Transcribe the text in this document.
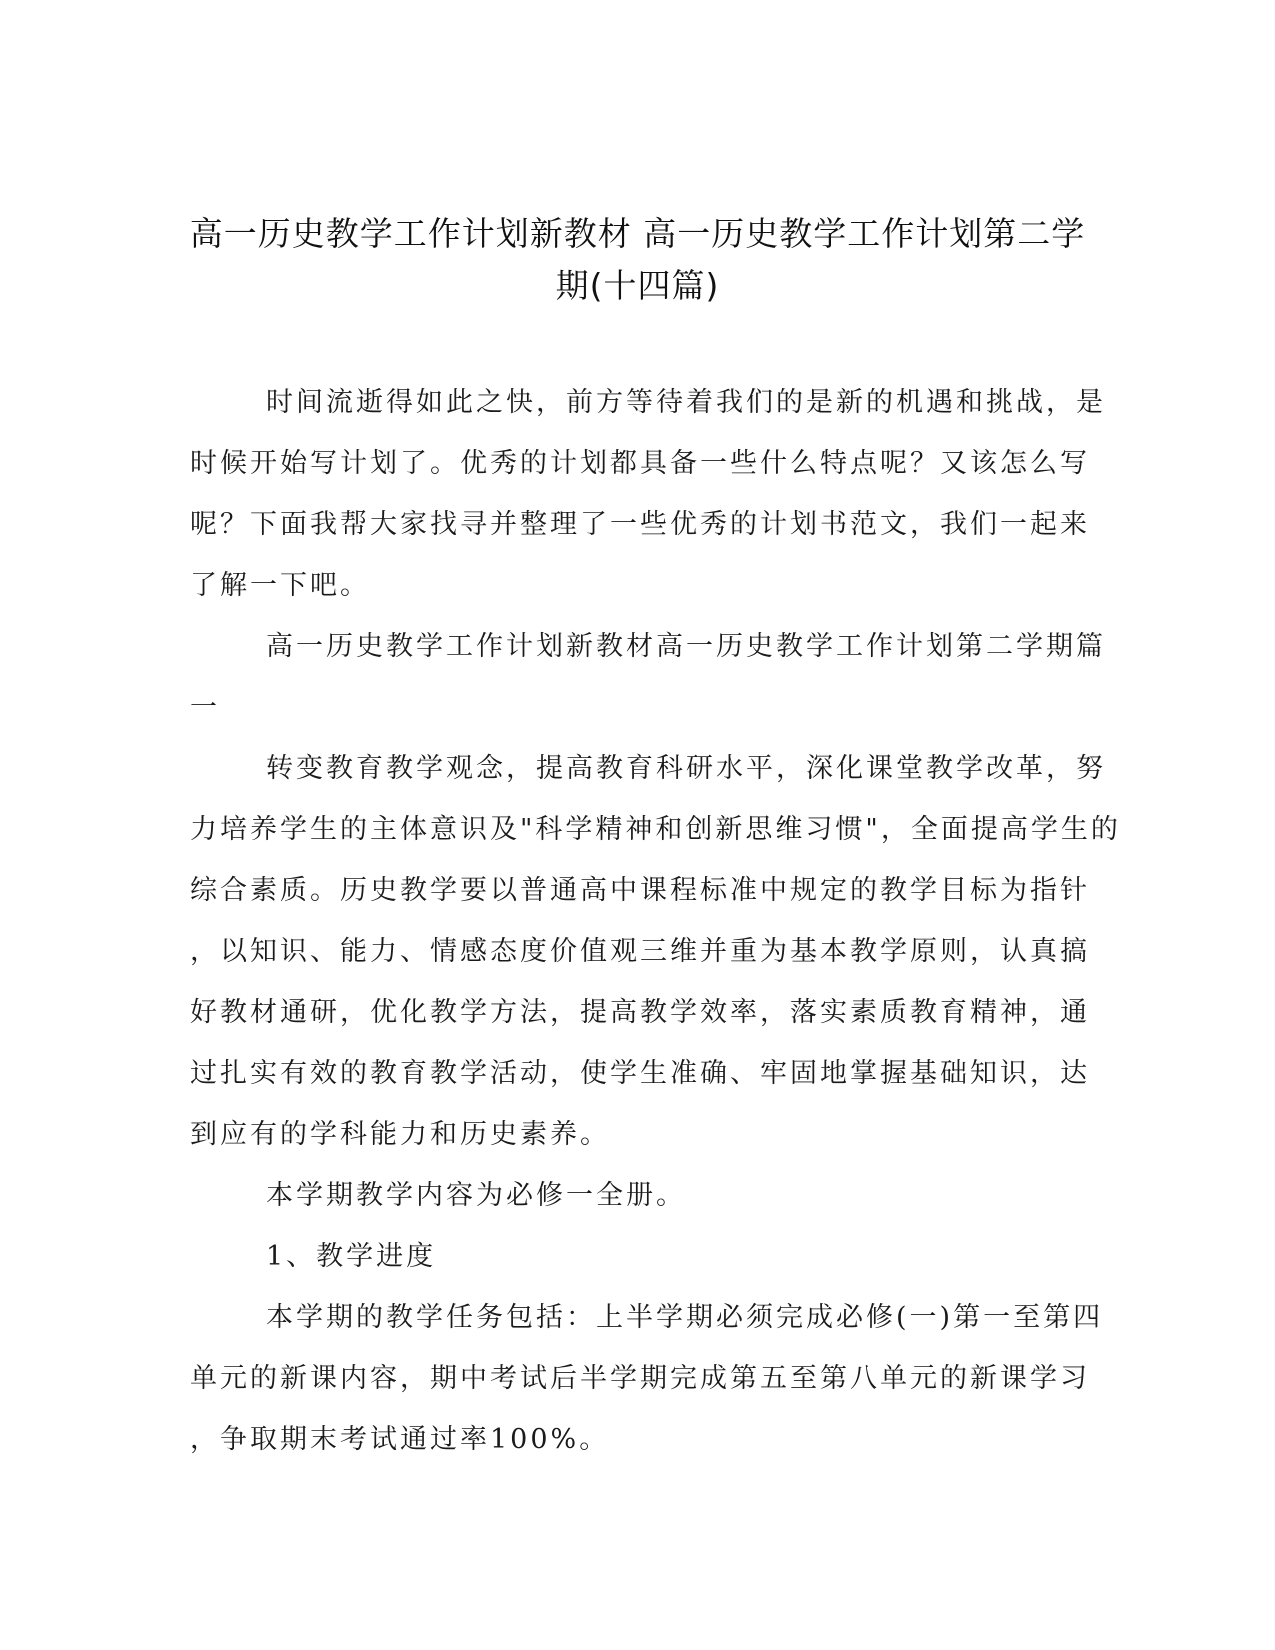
高一历史教学工作计划新教材 高一历史教学工作计划第二学
期(十四篇)
时间流逝得如此之快，前方等待着我们的是新的机遇和挑战，是
时候开始写计划了。优秀的计划都具备一些什么特点呢？又该怎么写
呢？下面我帮大家找寻并整理了一些优秀的计划书范文，我们一起来
了解一下吧。
高一历史教学工作计划新教材高一历史教学工作计划第二学期篇
一
转变教育教学观念，提高教育科研水平，深化课堂教学改革，努
力培养学生的主体意识及"科学精神和创新思维习惯"，全面提高学生的
综合素质。历史教学要以普通高中课程标准中规定的教学目标为指针
，以知识、能力、情感态度价值观三维并重为基本教学原则，认真搞
好教材通研，优化教学方法，提高教学效率，落实素质教育精神，通
过扎实有效的教育教学活动，使学生准确、牢固地掌握基础知识，达
到应有的学科能力和历史素养。
本学期教学内容为必修一全册。
1、教学进度
本学期的教学任务包括：上半学期必须完成必修(一)第一至第四
单元的新课内容，期中考试后半学期完成第五至第八单元的新课学习
，争取期末考试通过率100%。
